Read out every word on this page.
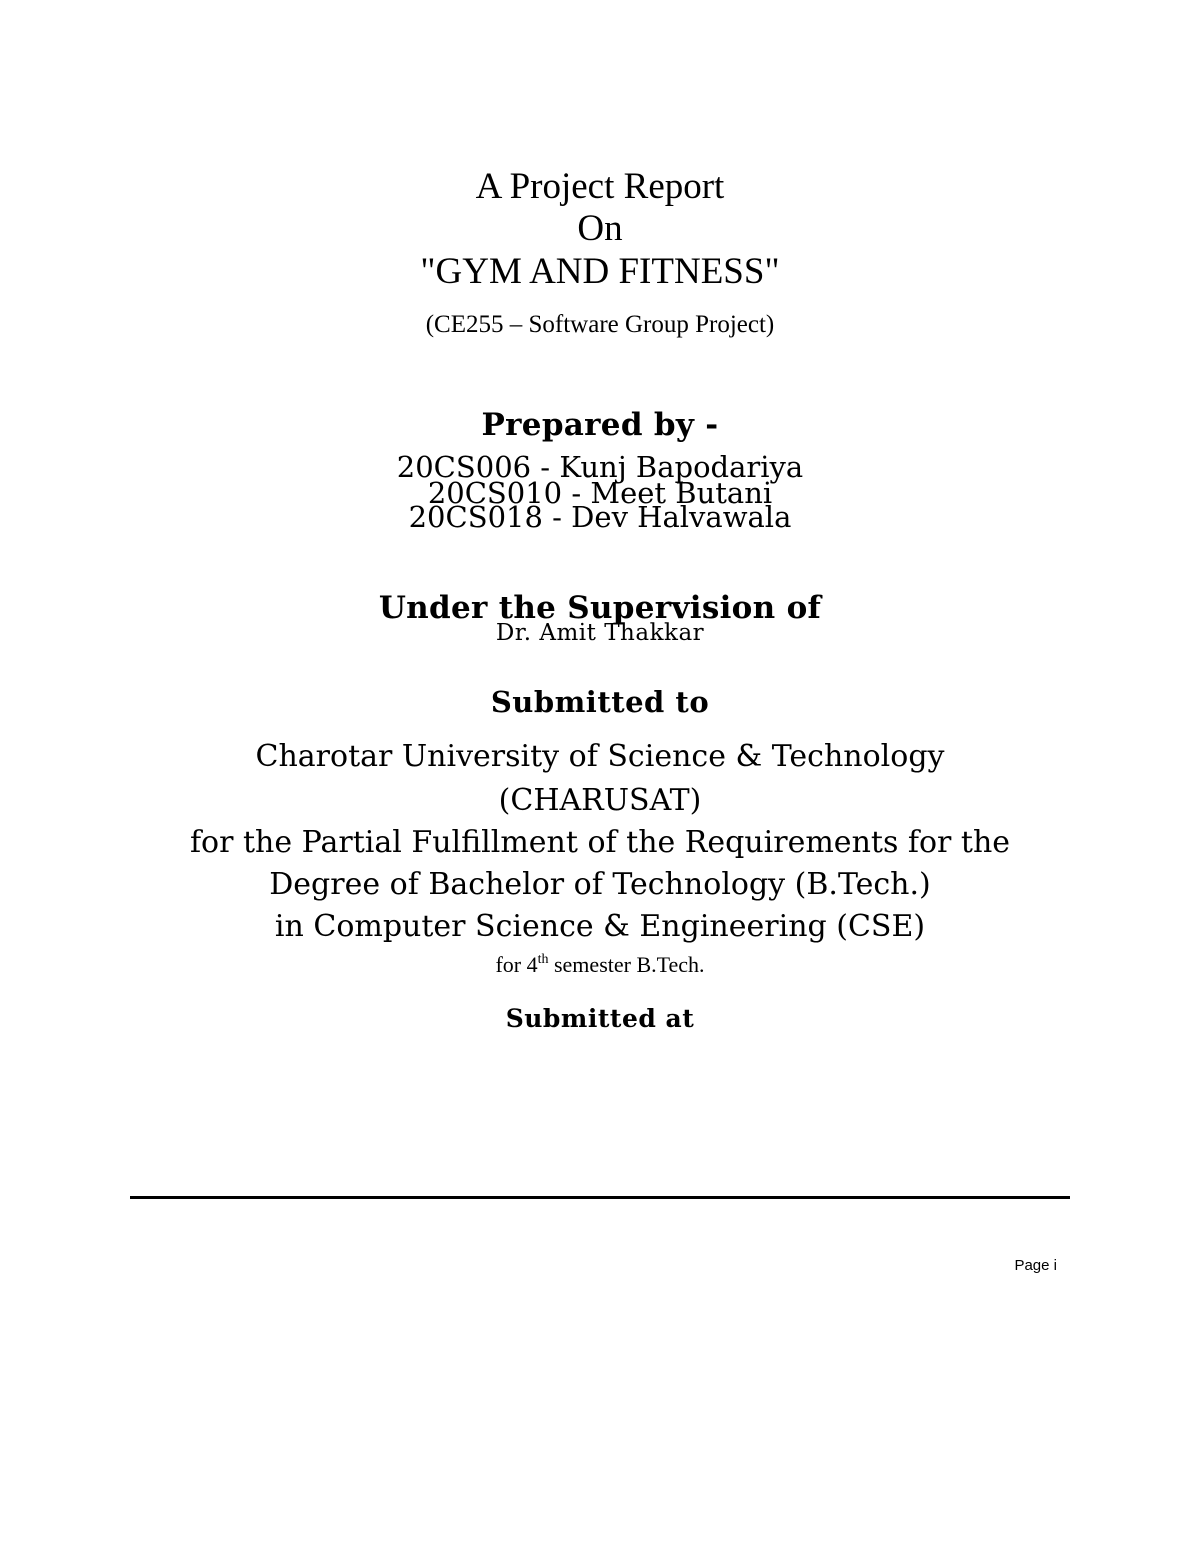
A Project Report
On
"GYM AND FITNESS"
(CE255 – Software Group Project)
Prepared by -
20CS006 - Kunj Bapodariya
20CS010 - Meet Butani
20CS018 - Dev Halvawala
Under the Supervision of
Dr. Amit Thakkar
Submitted to
Charotar University of Science & Technology
(CHARUSAT)
for the Partial Fulfillment of the Requirements for the
Degree of Bachelor of Technology (B.Tech.)
in Computer Science & Engineering (CSE)
for 4th semester B.Tech.
Submitted at
Page i
